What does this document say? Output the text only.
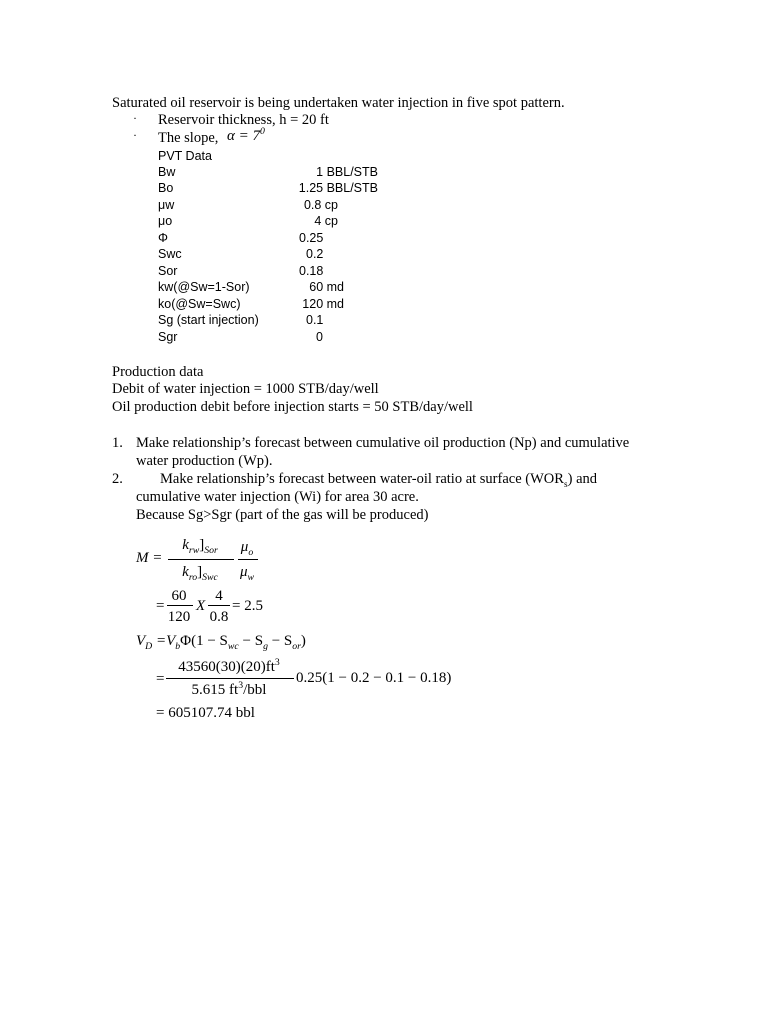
Saturated oil reservoir is being undertaken water injection in five spot pattern.
· Reservoir thickness, h = 20 ft
· The slope, $\alpha = 7^0$
PVT Data
Bw	1 BBL/STB
Bo	1.25 BBL/STB
μw	0.8 cp
μo	4 cp
Φ	0.25
Swc	0.2
Sor	0.18
kw(@Sw=1-Sor)	60 md
ko(@Sw=Swc)	120 md
Sg (start injection)	0.1
Sgr	0
Production data
Debit of water injection = 1000 STB/day/well
Oil production debit before injection starts = 50 STB/day/well
1. Make relationship’s forecast between cumulative oil production (Np) and cumulative
water production (Wp).
2.	Make relationship’s forecast between water-oil ratio at surface $(WOR_s)$ and
cumulative water injection (Wi) for area 30 acre.
Because Sg>Sgr (part of the gas will be produced)
M =
$k_{rw}]_{Sor}$
$k_{ro}]_{Swc}$
$\mu_o$
$\mu_w$
=
60
120
X
4
0.8
= 2.5
$V_D =V_b\Phi(1 - S_{wc} - S_g - S_{or})$
=
$43560(30)(20)ft^3$
5.615 $ft^3$/bbl
0.25(1 − 0.2 − 0.1 − 0.18)
= 605107.74 bbl
